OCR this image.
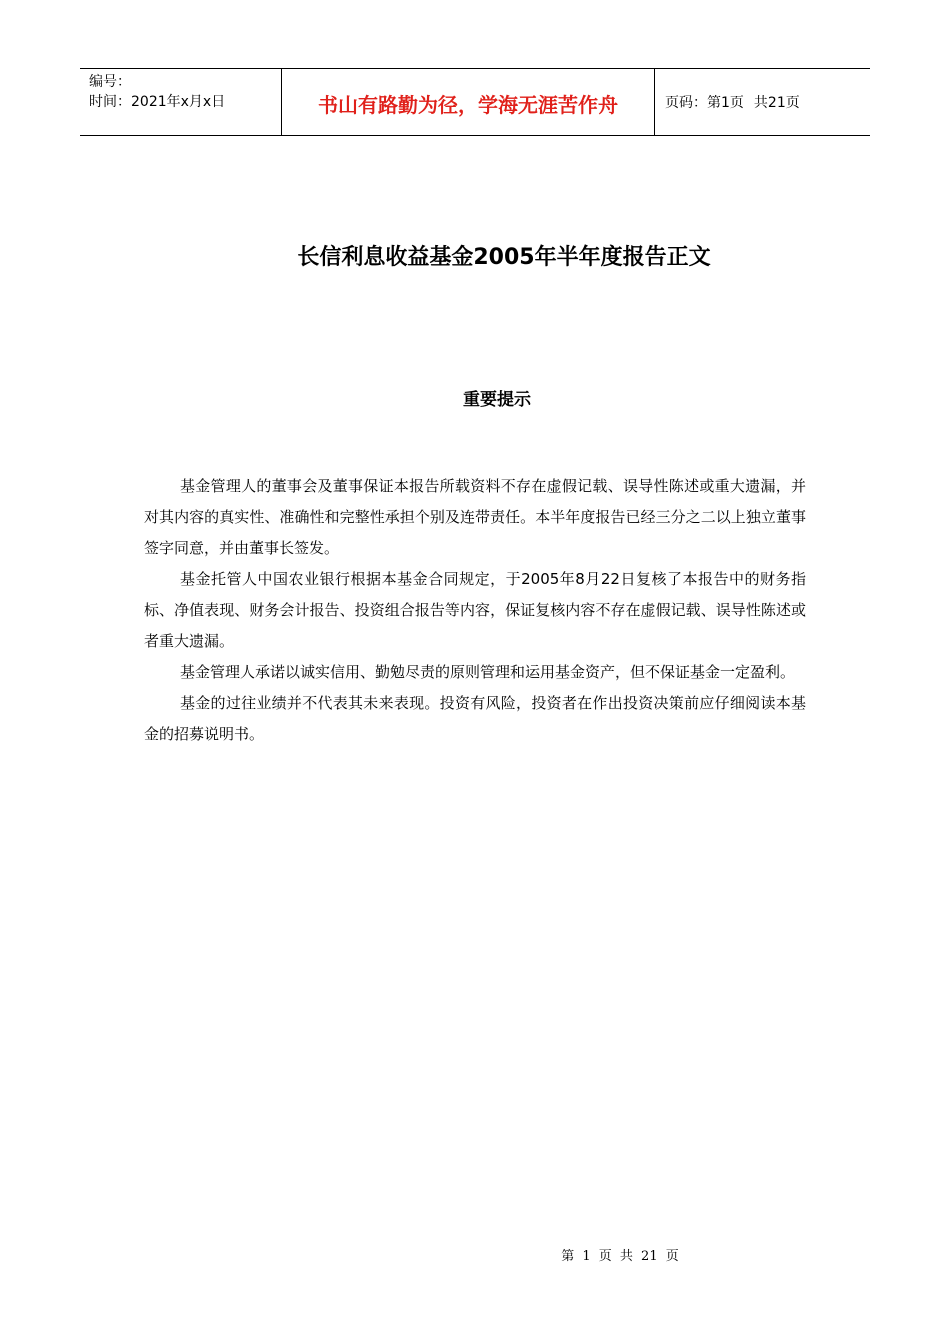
编号：
时间：2021年x月x日	书山有路勤为径，学海无涯苦作舟	页码：第1页 共21页
长信利息收益基金2005年半年度报告正文
重要提示

基金管理人的董事会及董事保证本报告所载资料不存在虚假记载、误导性陈述或重大遗漏，并对其内容的真实性、准确性和完整性承担个别及连带责任。本半年度报告已经三分之二以上独立董事签字同意，并由董事长签发。

基金托管人中国农业银行根据本基金合同规定，于2005年8月22日复核了本报告中的财务指标、净值表现、财务会计报告、投资组合报告等内容，保证复核内容不存在虚假记载、误导性陈述或者重大遗漏。

基金管理人承诺以诚实信用、勤勉尽责的原则管理和运用基金资产，但不保证基金一定盈利。

基金的过往业绩并不代表其未来表现。投资有风险，投资者在作出投资决策前应仔细阅读本基金的招募说明书。

第 1 页 共 21 页
